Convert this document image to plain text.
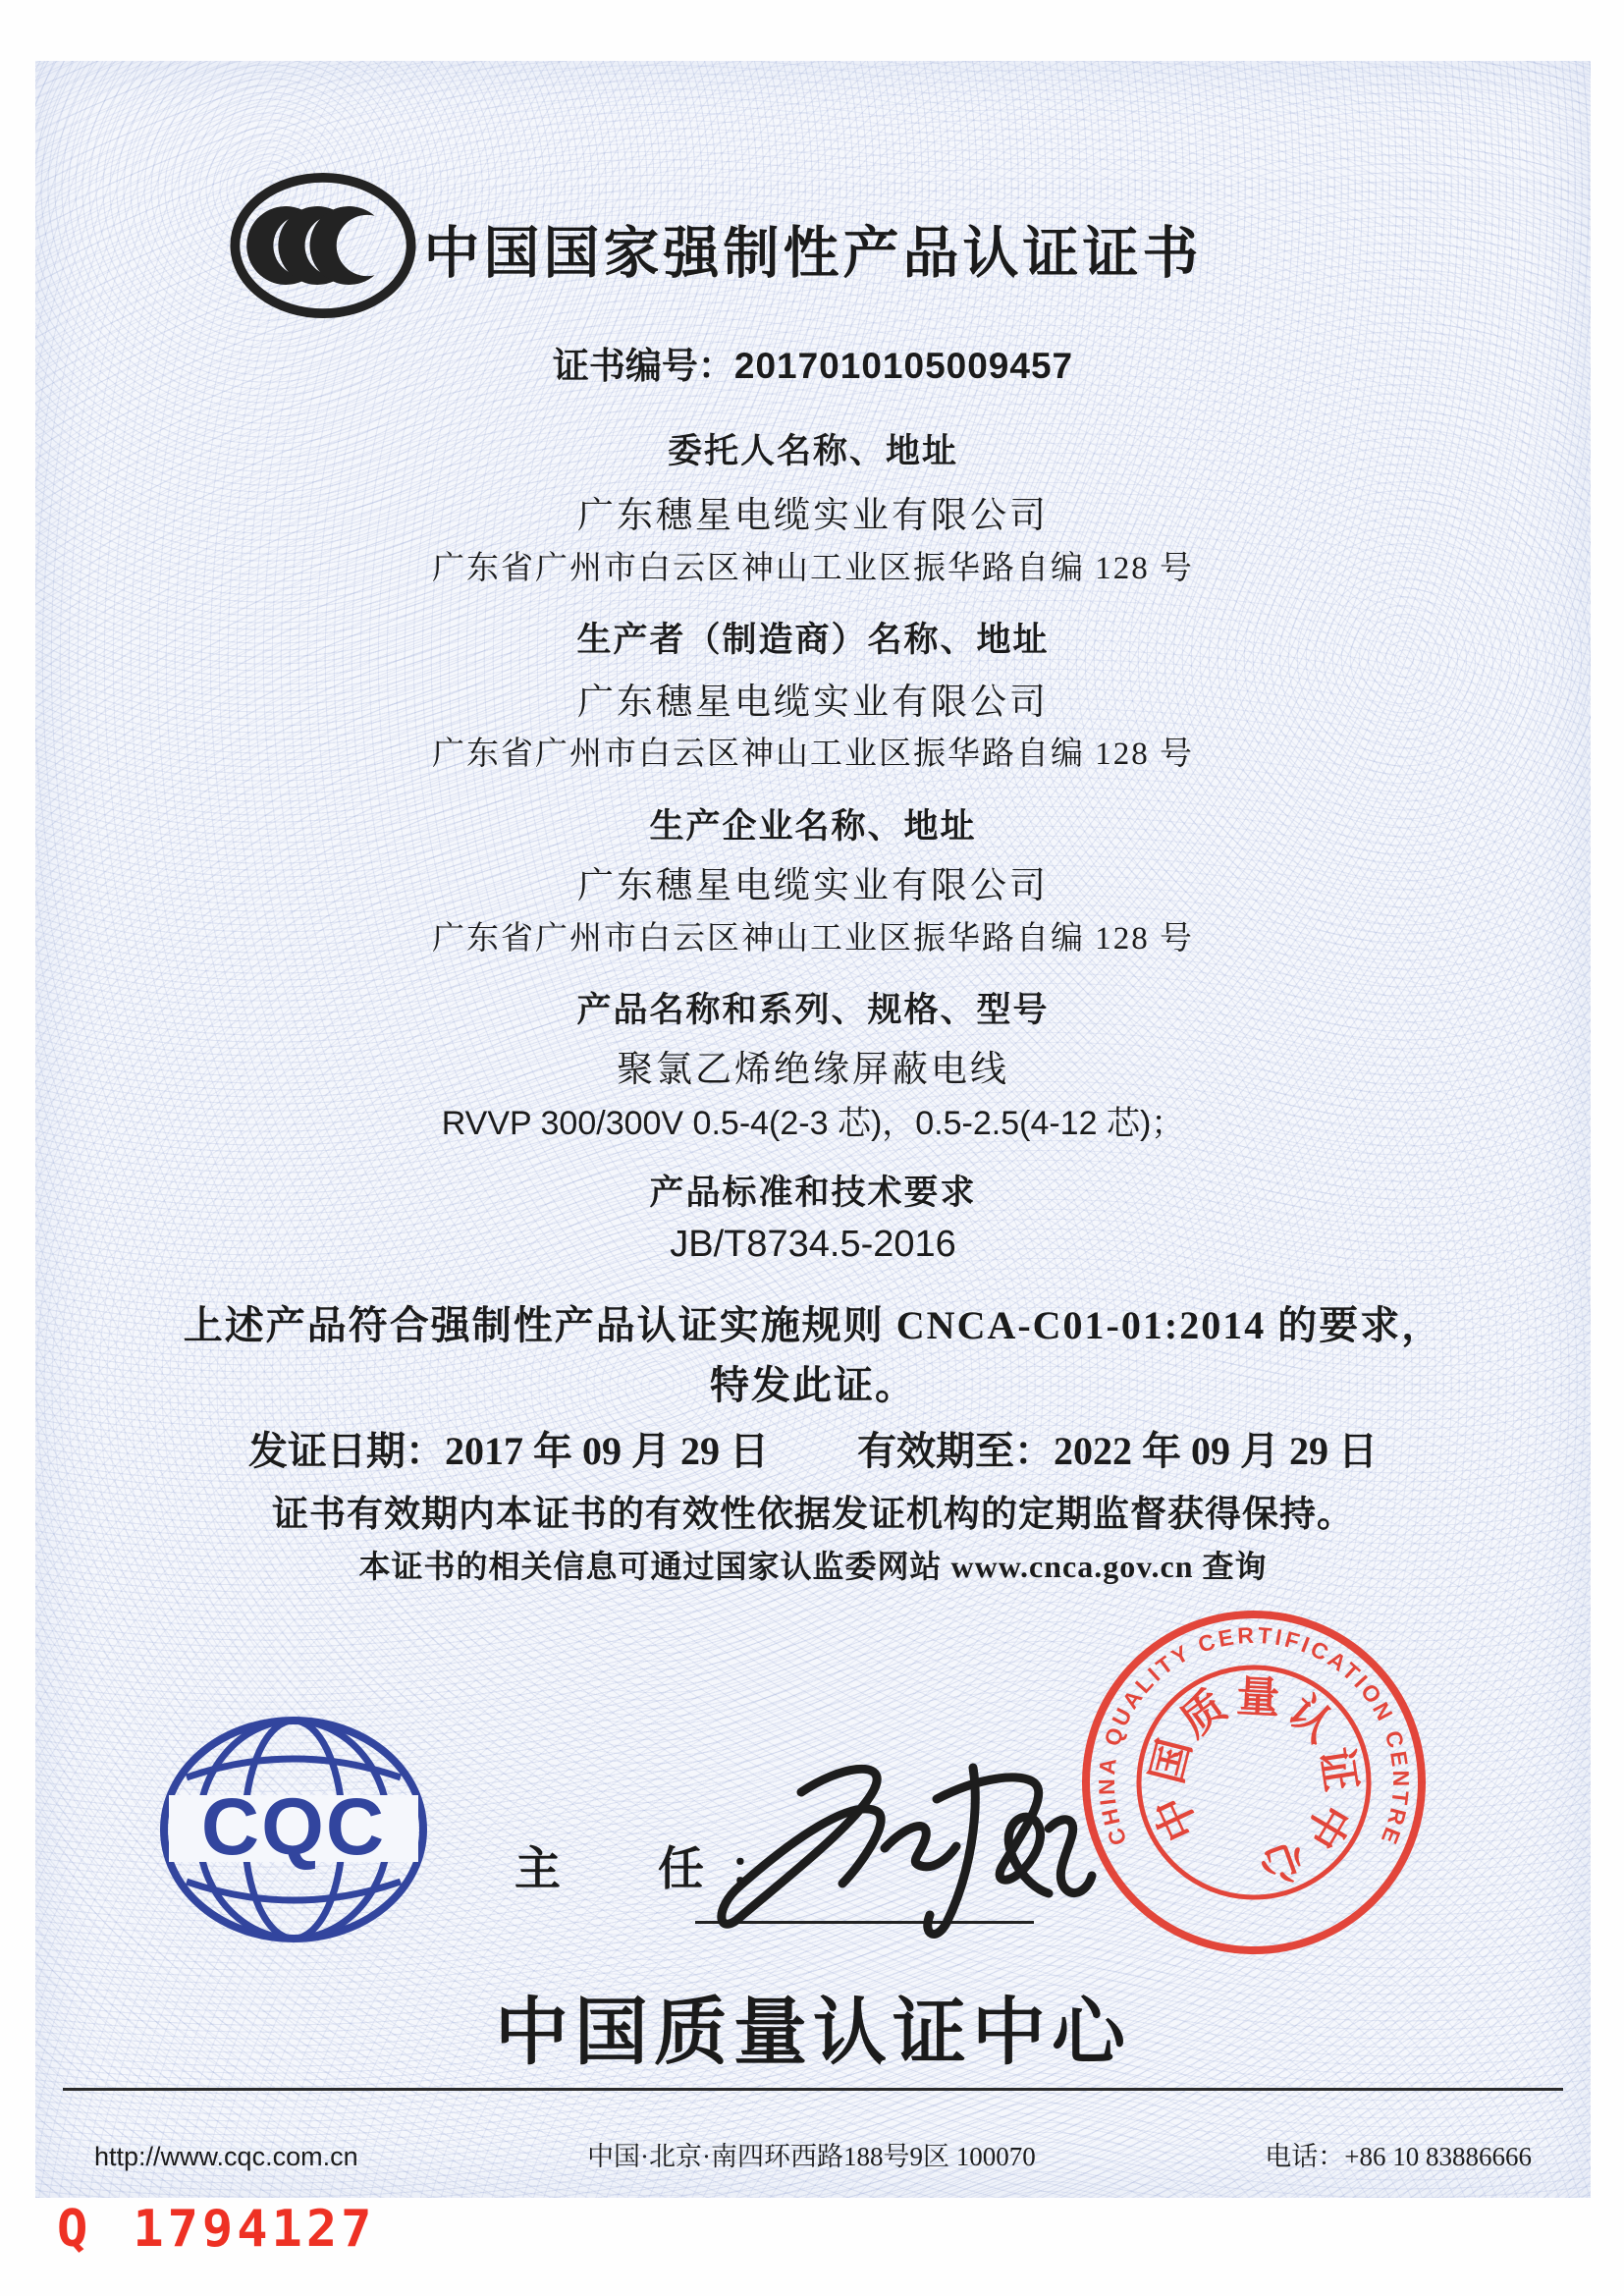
中国国家强制性产品认证证书
证书编号：2017010105009457
委托人名称、地址
广东穗星电缆实业有限公司
广东省广州市白云区神山工业区振华路自编 128 号
生产者（制造商）名称、地址
广东穗星电缆实业有限公司
广东省广州市白云区神山工业区振华路自编 128 号
生产企业名称、地址
广东穗星电缆实业有限公司
广东省广州市白云区神山工业区振华路自编 128 号
产品名称和系列、规格、型号
聚氯乙烯绝缘屏蔽电线
RVVP 300/300V 0.5-4(2-3 芯)，0.5-2.5(4-12 芯)；
产品标准和技术要求
JB/T8734.5-2016
上述产品符合强制性产品认证实施规则 CNCA-C01-01:2014 的要求，
特发此证。
发证日期：2017 年 09 月 29 日 有效期至：2022 年 09 月 29 日
证书有效期内本证书的有效性依据发证机构的定期监督获得保持。
本证书的相关信息可通过国家认监委网站 www.cnca.gov.cn 查询
CQC	主　任：
CHINA QUALITY CERTIFICATION CENTRE
中
国
质 量
认
证
中
心
中国质量认证中心
http://www.cqc.com.cn	中国·北京·南四环西路188号9区 100070	电话：+86 10 83886666
Q 1794127
